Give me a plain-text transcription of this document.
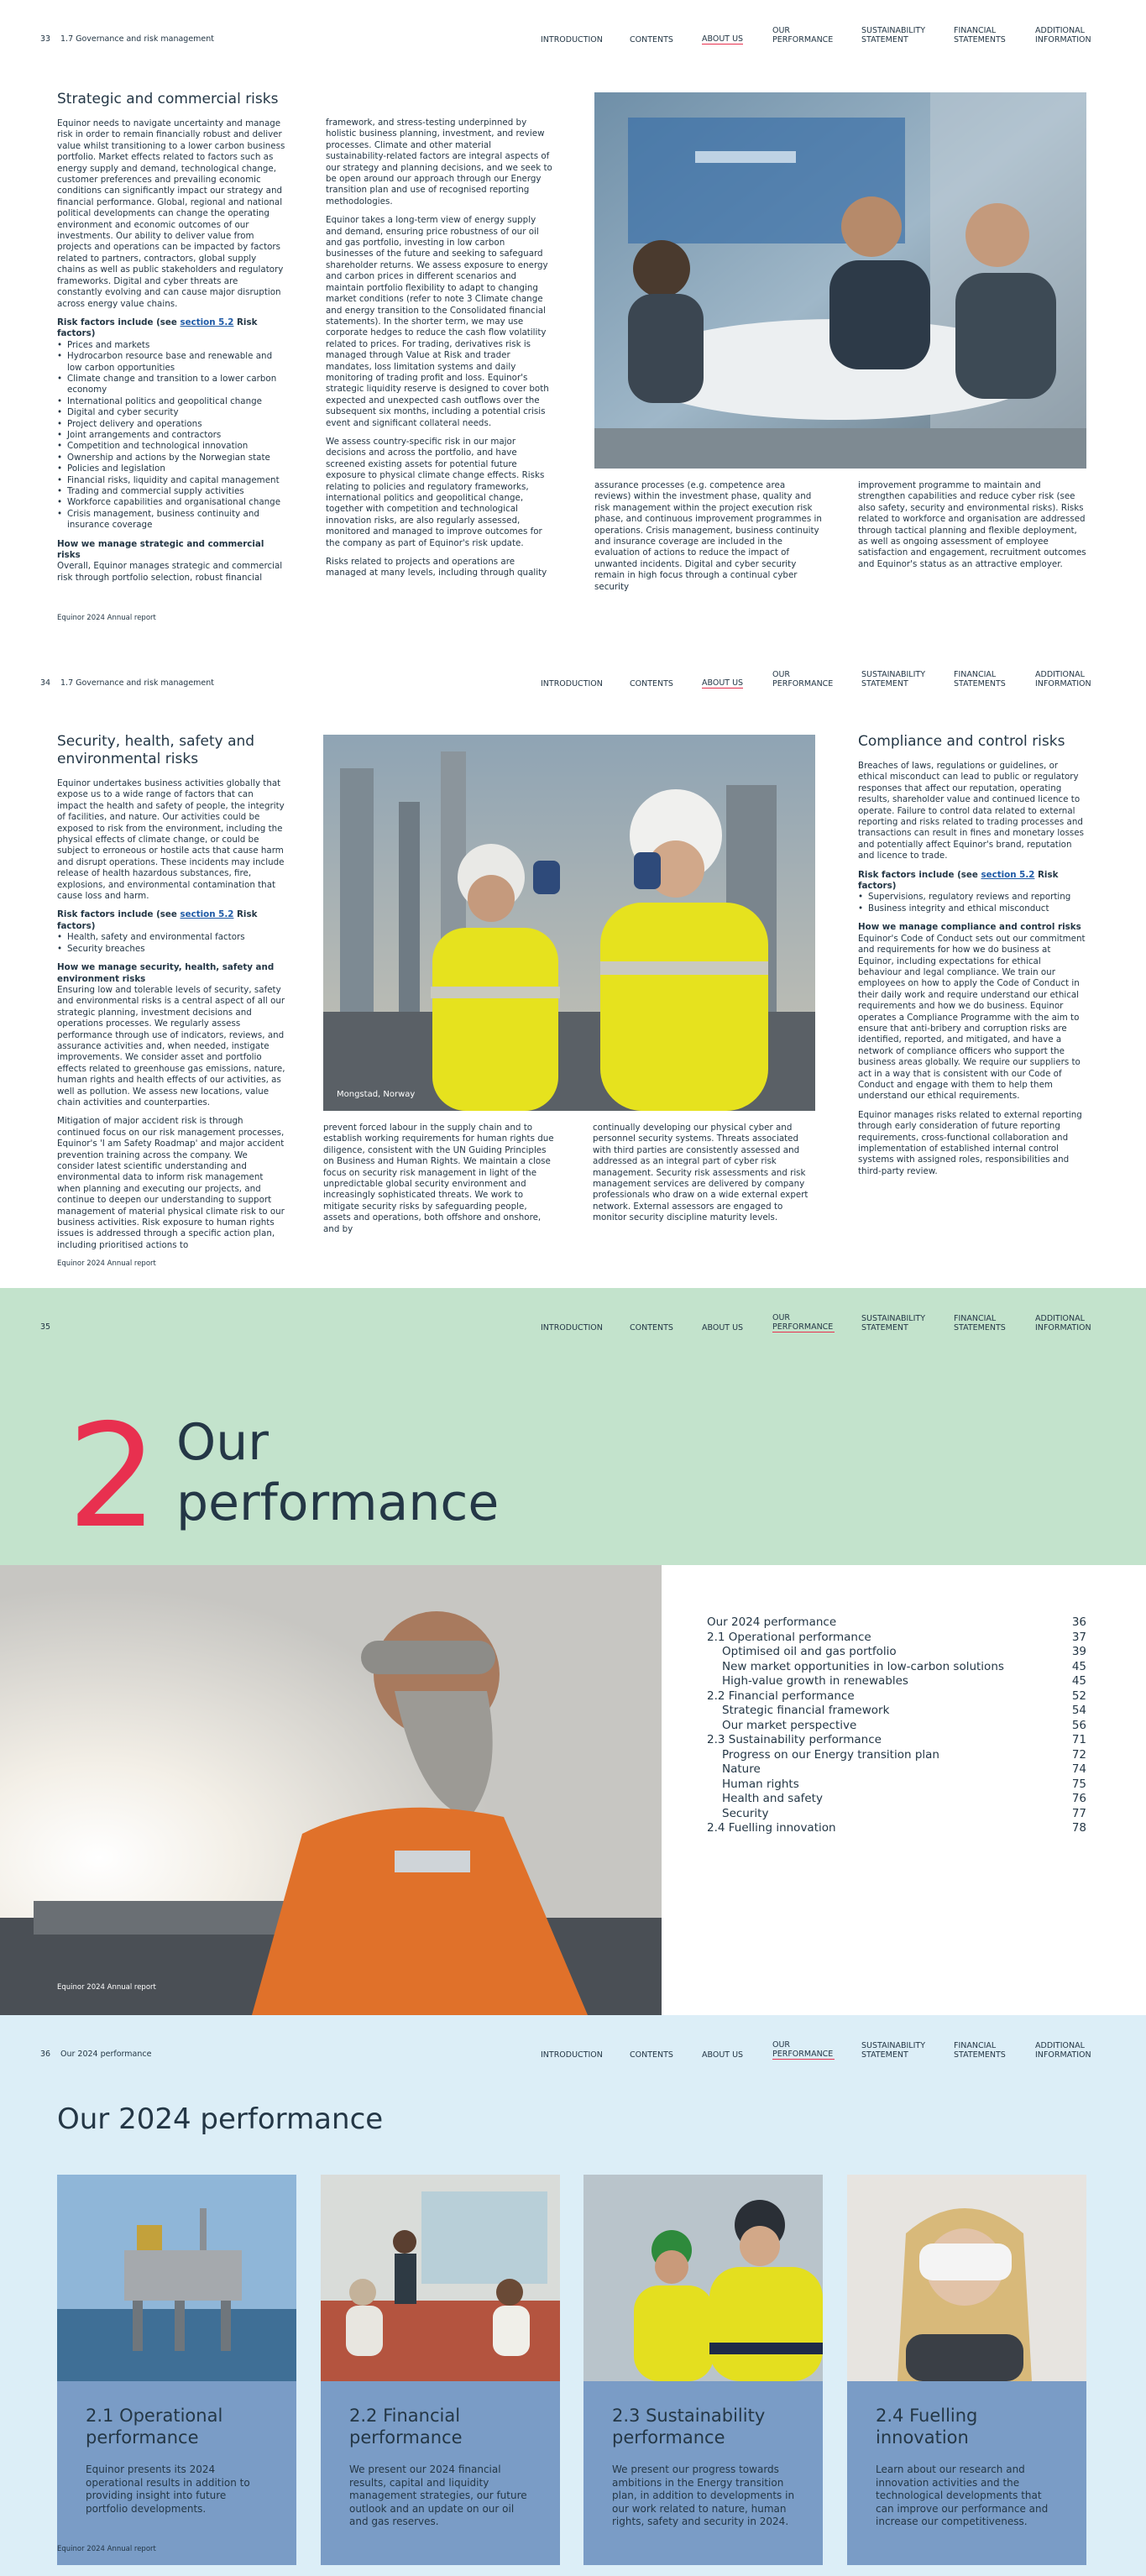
33 1.7 Governance and risk management	INTRODUCTION	CONTENTS	ABOUT US
OUR PERFORMANCE
SUSTAINABILITY STATEMENT
FINANCIAL STATEMENTS
ADDITIONAL INFORMATION
Strategic and commercial risks

Equinor needs to navigate uncertainty and manage risk in order to remain financially robust and deliver value whilst transitioning to a lower carbon business portfolio. Market effects related to factors such as energy supply and demand, technological change, customer preferences and prevailing economic conditions can significantly impact our strategy and financial performance. Global, regional and national political developments can change the operating environment and economic outcomes of our investments. Our ability to deliver value from projects and operations can be impacted by factors related to partners, contractors, global supply chains as well as public stakeholders and regulatory frameworks. Digital and cyber threats are constantly evolving and can cause major disruption across energy value chains.

Risk factors include (see section 5.2 Risk factors)

• Prices and markets
• Hydrocarbon resource base and renewable and low carbon opportunities
• Climate change and transition to a lower carbon economy
• International politics and geopolitical change
• Digital and cyber security
• Project delivery and operations
• Joint arrangements and contractors
• Competition and technological innovation
• Ownership and actions by the Norwegian state
• Policies and legislation
• Financial risks, liquidity and capital management
• Trading and commercial supply activities
• Workforce capabilities and organisational change
• Crisis management, business continuity and insurance coverage

How we manage strategic and commercial risks

Overall, Equinor manages strategic and commercial risk through portfolio selection, robust financial

framework, and stress-testing underpinned by holistic business planning, investment, and review processes. Climate and other material sustainability-related factors are integral aspects of our strategy and planning decisions, and we seek to be open around our approach through our Energy transition plan and use of recognised reporting methodologies.

Equinor takes a long-term view of energy supply and demand, ensuring price robustness of our oil and gas portfolio, investing in low carbon businesses of the future and seeking to safeguard shareholder returns. We assess exposure to energy and carbon prices in different scenarios and maintain portfolio flexibility to adapt to changing market conditions (refer to note 3 Climate change and energy transition to the Consolidated financial statements). In the shorter term, we may use corporate hedges to reduce the cash flow volatility related to prices. For trading, derivatives risk is managed through Value at Risk and trader mandates, loss limitation systems and daily monitoring of trading profit and loss. Equinor's strategic liquidity reserve is designed to cover both expected and unexpected cash outflows over the subsequent six months, including a potential crisis event and significant collateral needs.

We assess country-specific risk in our major decisions and across the portfolio, and have screened existing assets for potential future exposure to physical climate change effects. Risks relating to policies and regulatory frameworks, international politics and geopolitical change, together with competition and technological innovation risks, are also regularly assessed, monitored and managed to improve outcomes for the company as part of Equinor's risk update.

Risks related to projects and operations are managed at many levels, including through quality

assurance processes (e.g. competence area reviews) within the investment phase, quality and risk management within the project execution risk phase, and continuous improvement programmes in operations. Crisis management, business continuity and insurance coverage are included in the evaluation of actions to reduce the impact of unwanted incidents. Digital and cyber security remain in high focus through a continual cyber security

improvement programme to maintain and strengthen capabilities and reduce cyber risk (see also safety, security and environmental risks). Risks related to workforce and organisation are addressed through tactical planning and flexible deployment, as well as ongoing assessment of employee satisfaction and engagement, recruitment outcomes and Equinor's status as an attractive employer.

Equinor 2024 Annual report
34 1.7 Governance and risk management	INTRODUCTION	CONTENTS	ABOUT US
OUR PERFORMANCE
SUSTAINABILITY STATEMENT
FINANCIAL STATEMENTS
ADDITIONAL INFORMATION
Security, health, safety and environmental risks

Equinor undertakes business activities globally that expose us to a wide range of factors that can impact the health and safety of people, the integrity of facilities, and nature. Our activities could be exposed to risk from the environment, including the physical effects of climate change, or could be subject to erroneous or hostile acts that cause harm and disrupt operations. These incidents may include release of health hazardous substances, fire, explosions, and environmental contamination that cause loss and harm.

Risk factors include (see section 5.2 Risk factors)

• Health, safety and environmental factors
• Security breaches

How we manage security, health, safety and environment risks

Ensuring low and tolerable levels of security, safety and environmental risks is a central aspect of all our strategic planning, investment decisions and operations processes. We regularly assess performance through use of indicators, reviews, and assurance activities and, when needed, instigate improvements. We consider asset and portfolio effects related to greenhouse gas emissions, nature, human rights and health effects of our activities, as well as pollution. We assess new locations, value chain activities and counterparties.

Mitigation of major accident risk is through continued focus on our risk management processes, Equinor's 'I am Safety Roadmap' and major accident prevention training across the company. We consider latest scientific understanding and environmental data to inform risk management when planning and executing our projects, and continue to deepen our understanding to support management of material physical climate risk to our business activities. Risk exposure to human rights issues is addressed through a specific action plan, including prioritised actions to

Mongstad, Norway

prevent forced labour in the supply chain and to establish working requirements for human rights due diligence, consistent with the UN Guiding Principles on Business and Human Rights. We maintain a close focus on security risk management in light of the unpredictable global security environment and increasingly sophisticated threats. We work to mitigate security risks by safeguarding people, assets and operations, both offshore and onshore, and by

continually developing our physical cyber and personnel security systems. Threats associated with third parties are consistently assessed and addressed as an integral part of cyber risk management. Security risk assessments and risk management services are delivered by company professionals who draw on a wide external expert network. External assessors are engaged to monitor security discipline maturity levels.

Compliance and control risks

Breaches of laws, regulations or guidelines, or ethical misconduct can lead to public or regulatory responses that affect our reputation, operating results, shareholder value and continued licence to operate. Failure to control data related to external reporting and risks related to trading processes and transactions can result in fines and monetary losses and potentially affect Equinor's brand, reputation and licence to trade.

Risk factors include (see section 5.2 Risk factors)

• Supervisions, regulatory reviews and reporting
• Business integrity and ethical misconduct

How we manage compliance and control risks

Equinor's Code of Conduct sets out our commitment and requirements for how we do business at Equinor, including expectations for ethical behaviour and legal compliance. We train our employees on how to apply the Code of Conduct in their daily work and require understand our ethical requirements and how we do business. Equinor operates a Compliance Programme with the aim to ensure that anti-bribery and corruption risks are identified, reported, and mitigated, and have a network of compliance officers who support the business areas globally. We require our suppliers to act in a way that is consistent with our Code of Conduct and engage with them to help them understand our ethical requirements.

Equinor manages risks related to external reporting through early consideration of future reporting requirements, cross-functional collaboration and implementation of established internal control systems with assigned roles, responsibilities and third-party review.

Equinor 2024 Annual report
35	INTRODUCTION	CONTENTS	ABOUT US
OUR PERFORMANCE
SUSTAINABILITY STATEMENT
FINANCIAL STATEMENTS
ADDITIONAL INFORMATION
2 Our
performance
Equinor 2024 Annual report
Our 2024 performance	36
2.1 Operational performance	37
Optimised oil and gas portfolio	39
New market opportunities in low-carbon solutions	45
High-value growth in renewables	45
2.2 Financial performance	52
Strategic financial framework	54
Our market perspective	56
2.3 Sustainability performance	71
Progress on our Energy transition plan	72
Nature	74
Human rights	75
Health and safety	76
Security	77
2.4 Fuelling innovation	78
36 Our 2024 performance	INTRODUCTION	CONTENTS	ABOUT US
OUR PERFORMANCE
SUSTAINABILITY STATEMENT
FINANCIAL STATEMENTS
ADDITIONAL INFORMATION
Our 2024 performance
2.1 Operational performance
Equinor presents its 2024 operational results in addition to providing insight into future portfolio developments.
2.2 Financial performance
We present our 2024 financial results, capital and liquidity management strategies, our future outlook and an update on our oil and gas reserves.
2.3 Sustainability performance
We present our progress towards ambitions in the Energy transition plan, in addition to developments in our work related to nature, human rights, safety and security in 2024.
2.4 Fuelling innovation
Learn about our research and innovation activities and the technological developments that can improve our performance and increase our competitiveness.
Equinor 2024 Annual report
